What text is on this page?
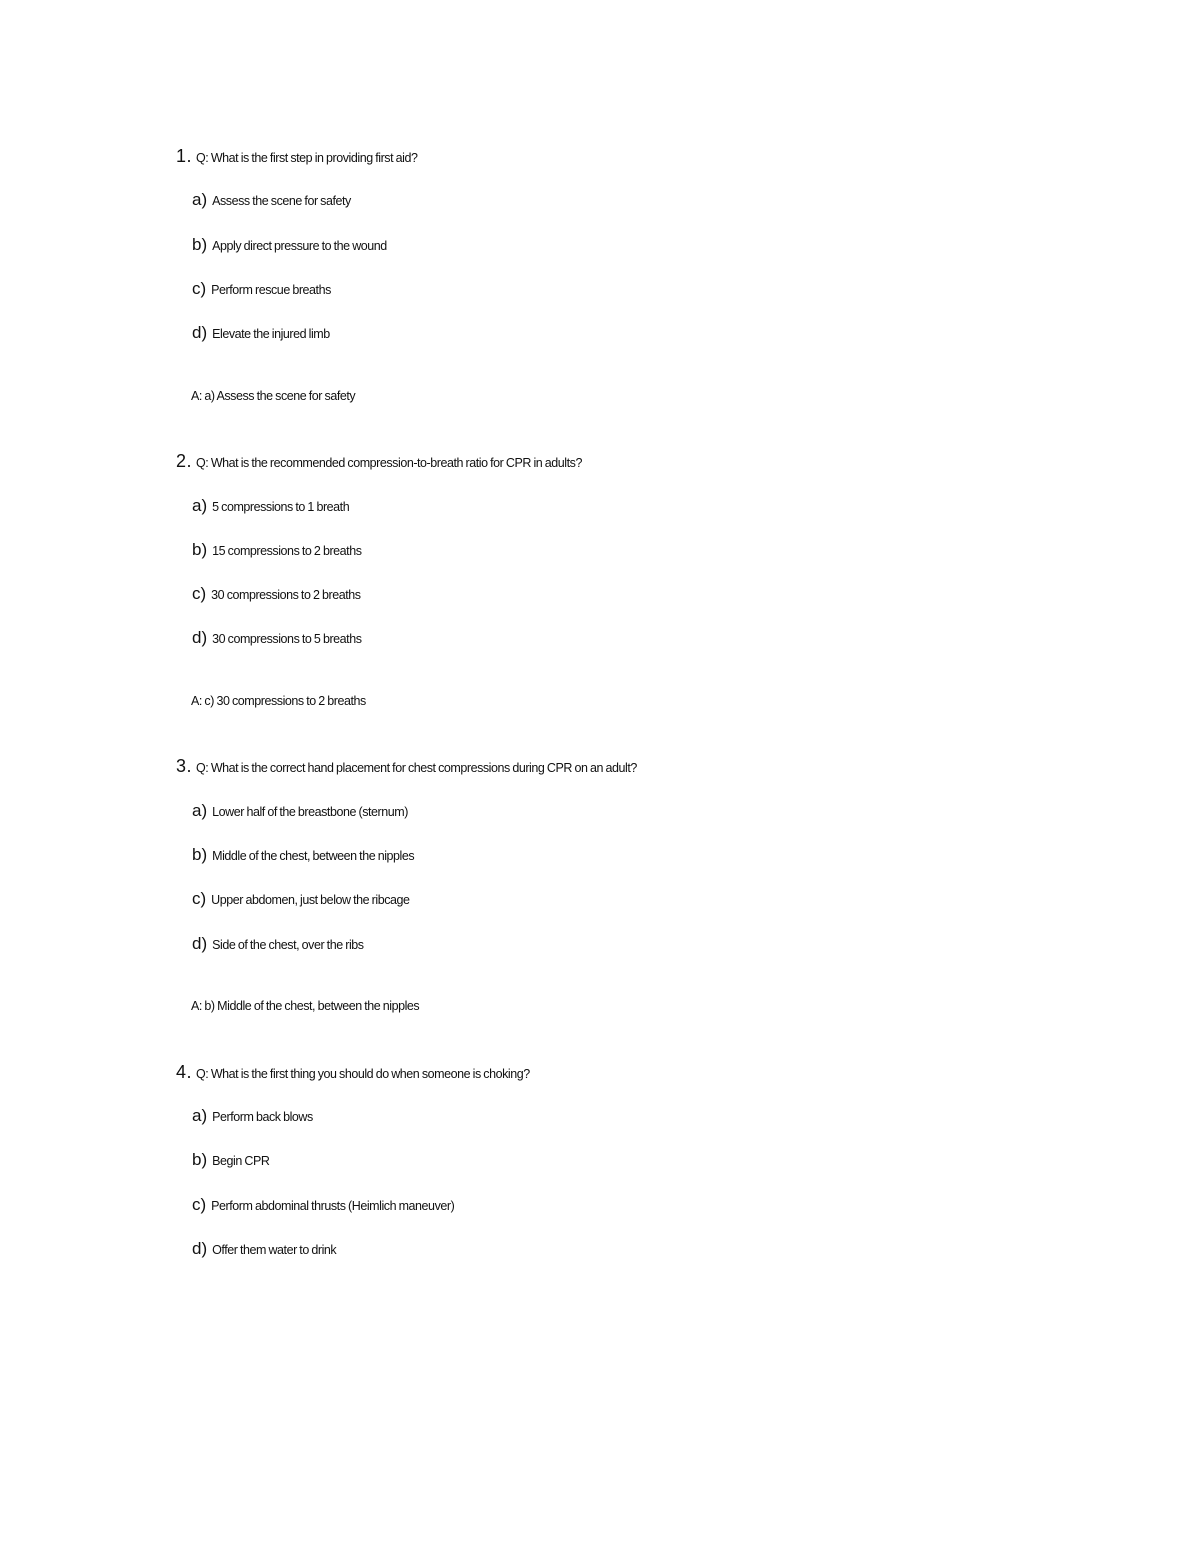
1. Q: What is the first step in providing first aid?
a) Assess the scene for safety
b) Apply direct pressure to the wound
c) Perform rescue breaths
d) Elevate the injured limb
A: a) Assess the scene for safety
2. Q: What is the recommended compression-to-breath ratio for CPR in adults?
a) 5 compressions to 1 breath
b) 15 compressions to 2 breaths
c) 30 compressions to 2 breaths
d) 30 compressions to 5 breaths
A: c) 30 compressions to 2 breaths
3. Q: What is the correct hand placement for chest compressions during CPR on an adult?
a) Lower half of the breastbone (sternum)
b) Middle of the chest, between the nipples
c) Upper abdomen, just below the ribcage
d) Side of the chest, over the ribs
A: b) Middle of the chest, between the nipples
4. Q: What is the first thing you should do when someone is choking?
a) Perform back blows
b) Begin CPR
c) Perform abdominal thrusts (Heimlich maneuver)
d) Offer them water to drink
